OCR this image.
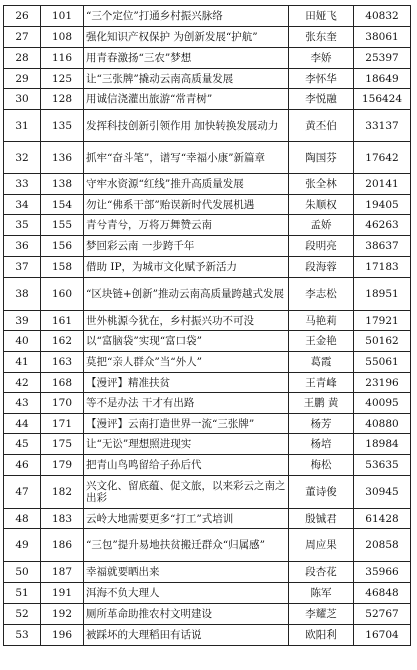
26	101	“三个定位”打通乡村振兴脉络	田娅飞	40832
27	108	强化知识产权保护 为创新发展“护航”	张东奎	38061
28	116	用青春激扬“三农”梦想	李娇	25397
29	125	让“三张牌”撬动云南高质量发展	李怀华	18649
30	128	用诚信浇灌出旅游“常青树”	李悦融	156424
31	135	发挥科技创新引领作用 加快转换发展动力	黄丕伯	33137
32	136	抓牢“奋斗笔”，谱写“幸福小康”新篇章	陶国芬	17642
33	138	守牢水资源“红线”推升高质量发展	张全林	20141
34	154	勿让“佛系干部”贻误新时代发展机遇	朱顺权	19405
35	155	青兮青兮，万将万舞赞云南	孟娇	46263
36	156	梦回彩云南 一步跨千年	段明亮	38637
37	158	借助 IP，为城市文化赋予新活力	段海蓉	17183
38	160	“区块链+创新”推动云南高质量跨越式发展	李志松	18951
39	161	世外桃源今犹在，乡村振兴功不可没	马艳莉	17921
40	162	以“富脑袋”实现“富口袋”	王金艳	50162
41	163	莫把“亲人群众”当“外人”	葛霞	55061
42	168	【漫评】精准扶贫	王青峰	23196
43	170	等不是办法 干才有出路	王鹏 黄	40095
44	171	【漫评】云南打造世界一流“三张牌”	杨芳	40880
45	175	让“无讼”理想照进现实	杨培	18984
46	179	把青山鸟鸣留给子孙后代	梅松	53635
47	182	兴文化、留底蕴、促文旅，以来彩云之南之出彩	董诗俊	30945
48	183	云岭大地需要更多“打工”式培训	殷铖君	61428
49	186	“三包”提升易地扶贫搬迁群众“归属感”	周应果	20858
50	187	幸福就要晒出来	段杏花	35966
51	191	洱海不负大理人	陈军	46848
52	192	厕所革命助推农村文明建设	李耀芝	52767
53	196	被踩坏的大理稻田有话说	欧阳利	16704
